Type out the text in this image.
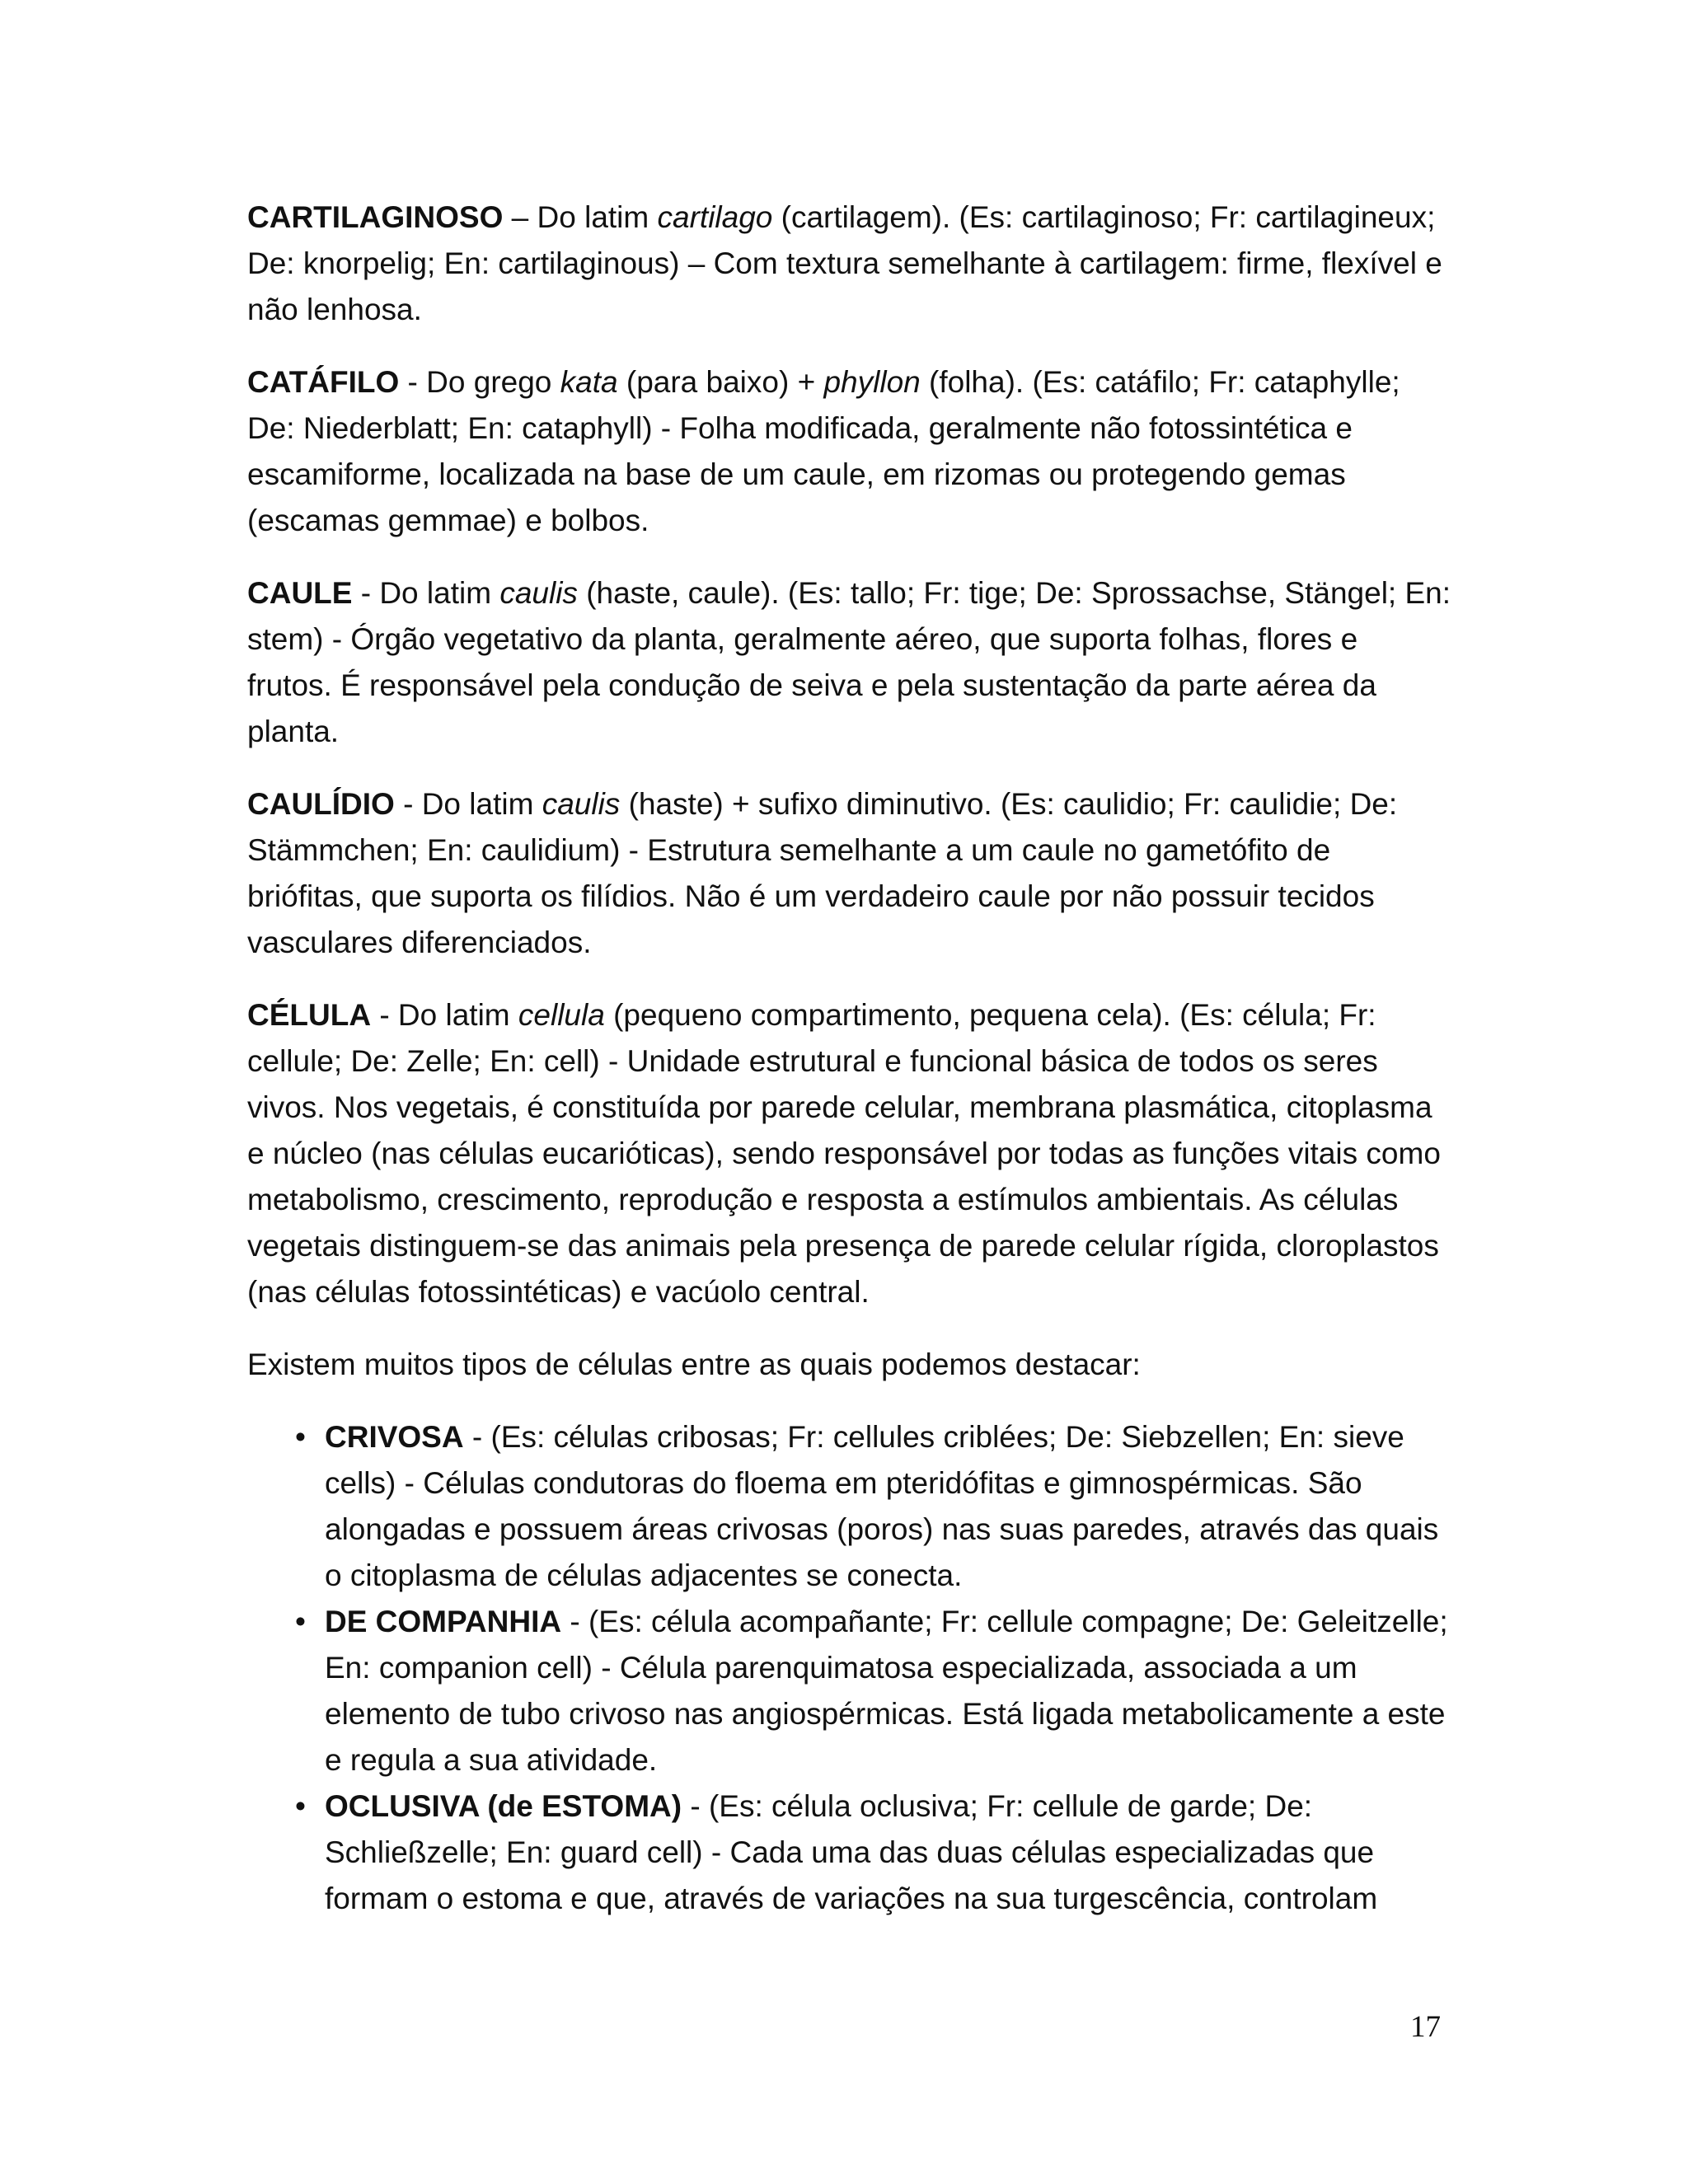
CARTILAGINOSO – Do latim cartilago (cartilagem). (Es: cartilaginoso; Fr: cartilagineux; De: knorpelig; En: cartilaginous) – Com textura semelhante à cartilagem: firme, flexível e não lenhosa.

CATÁFILO - Do grego kata (para baixo) + phyllon (folha). (Es: catáfilo; Fr: cataphylle; De: Niederblatt; En: cataphyll) - Folha modificada, geralmente não fotossintética e escamiforme, localizada na base de um caule, em rizomas ou protegendo gemas (escamas gemmae) e bolbos.

CAULE - Do latim caulis (haste, caule). (Es: tallo; Fr: tige; De: Sprossachse, Stängel; En: stem) - Órgão vegetativo da planta, geralmente aéreo, que suporta folhas, flores e frutos. É responsável pela condução de seiva e pela sustentação da parte aérea da planta.

CAULÍDIO - Do latim caulis (haste) + sufixo diminutivo. (Es: caulidio; Fr: caulidie; De: Stämmchen; En: caulidium) - Estrutura semelhante a um caule no gametófito de briófitas, que suporta os filídios. Não é um verdadeiro caule por não possuir tecidos vasculares diferenciados.

CÉLULA - Do latim cellula (pequeno compartimento, pequena cela). (Es: célula; Fr: cellule; De: Zelle; En: cell) - Unidade estrutural e funcional básica de todos os seres vivos. Nos vegetais, é constituída por parede celular, membrana plasmática, citoplasma e núcleo (nas células eucarióticas), sendo responsável por todas as funções vitais como metabolismo, crescimento, reprodução e resposta a estímulos ambientais. As células vegetais distinguem-se das animais pela presença de parede celular rígida, cloroplastos (nas células fotossintéticas) e vacúolo central.

Existem muitos tipos de células entre as quais podemos destacar:

• CRIVOSA - (Es: células cribosas; Fr: cellules criblées; De: Siebzellen; En: sieve cells) - Células condutoras do floema em pteridófitas e gimnospérmicas. São alongadas e possuem áreas crivosas (poros) nas suas paredes, através das quais o citoplasma de células adjacentes se conecta.
• DE COMPANHIA - (Es: célula acompañante; Fr: cellule compagne; De: Geleitzelle; En: companion cell) - Célula parenquimatosa especializada, associada a um elemento de tubo crivoso nas angiospérmicas. Está ligada metabolicamente a este e regula a sua atividade.
• OCLUSIVA (de ESTOMA) - (Es: célula oclusiva; Fr: cellule de garde; De: Schließzelle; En: guard cell) - Cada uma das duas células especializadas que formam o estoma e que, através de variações na sua turgescência, controlam
17
